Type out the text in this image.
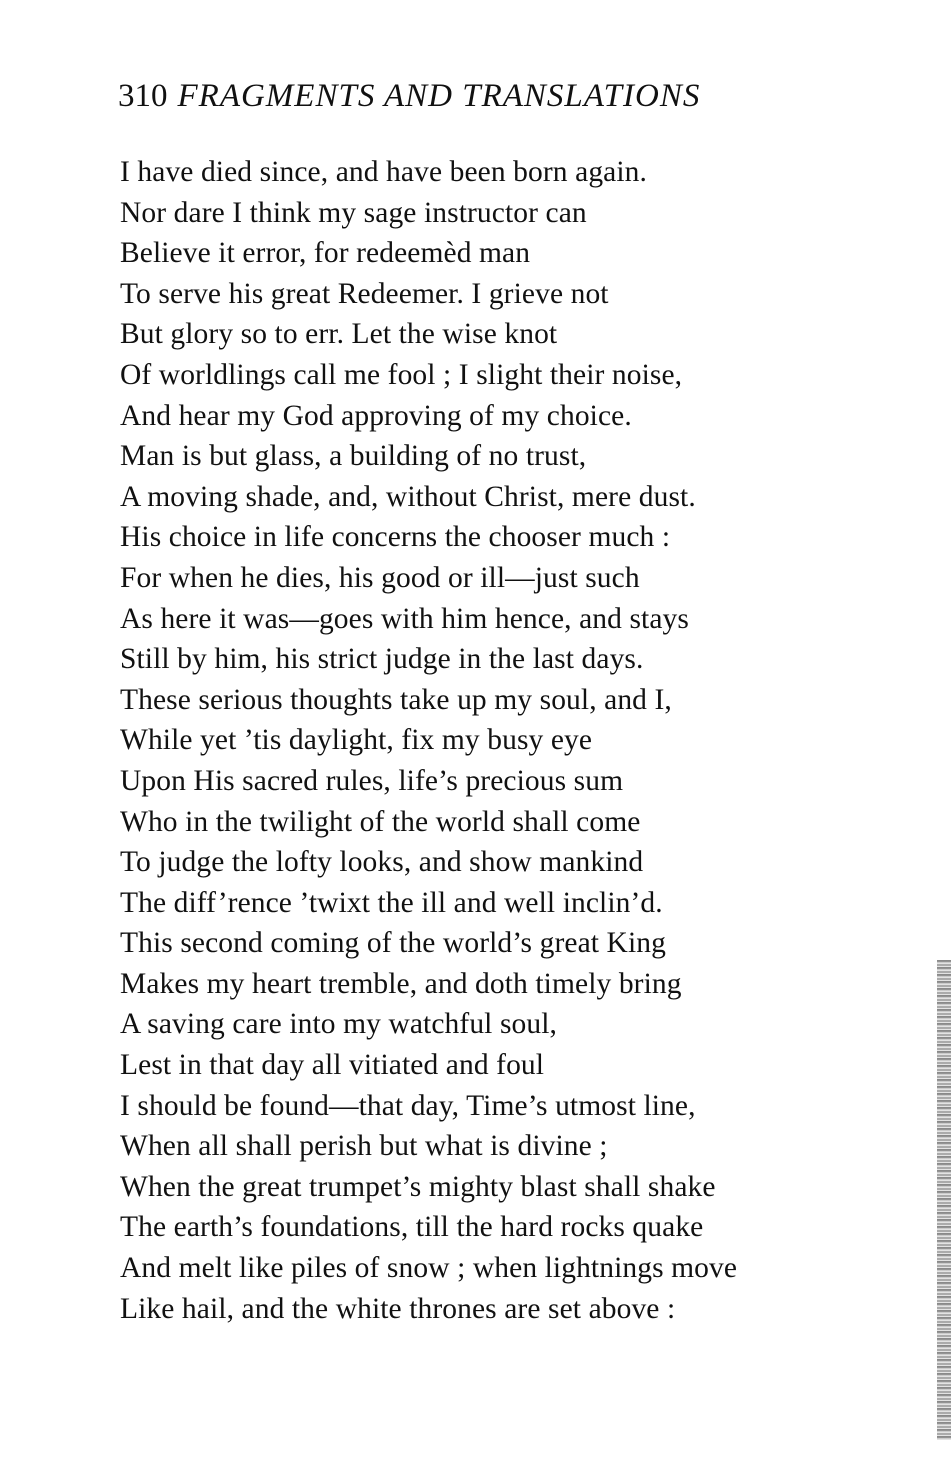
310 FRAGMENTS AND TRANSLATIONS
I have died since, and have been born again.
Nor dare I think my sage instructor can
Believe it error, for redeemèd man
To serve his great Redeemer. I grieve not
But glory so to err. Let the wise knot
Of worldlings call me fool ; I slight their noise,
And hear my God approving of my choice.
Man is but glass, a building of no trust,
A moving shade, and, without Christ, mere dust.
His choice in life concerns the chooser much :
For when he dies, his good or ill—just such
As here it was—goes with him hence, and stays
Still by him, his strict judge in the last days.
These serious thoughts take up my soul, and I,
While yet ’tis daylight, fix my busy eye
Upon His sacred rules, life’s precious sum
Who in the twilight of the world shall come
To judge the lofty looks, and show mankind
The diff’rence ’twixt the ill and well inclin’d.
This second coming of the world’s great King
Makes my heart tremble, and doth timely bring
A saving care into my watchful soul,
Lest in that day all vitiated and foul
I should be found—that day, Time’s utmost line,
When all shall perish but what is divine ;
When the great trumpet’s mighty blast shall shake
The earth’s foundations, till the hard rocks quake
And melt like piles of snow ; when lightnings move
Like hail, and the white thrones are set above :
